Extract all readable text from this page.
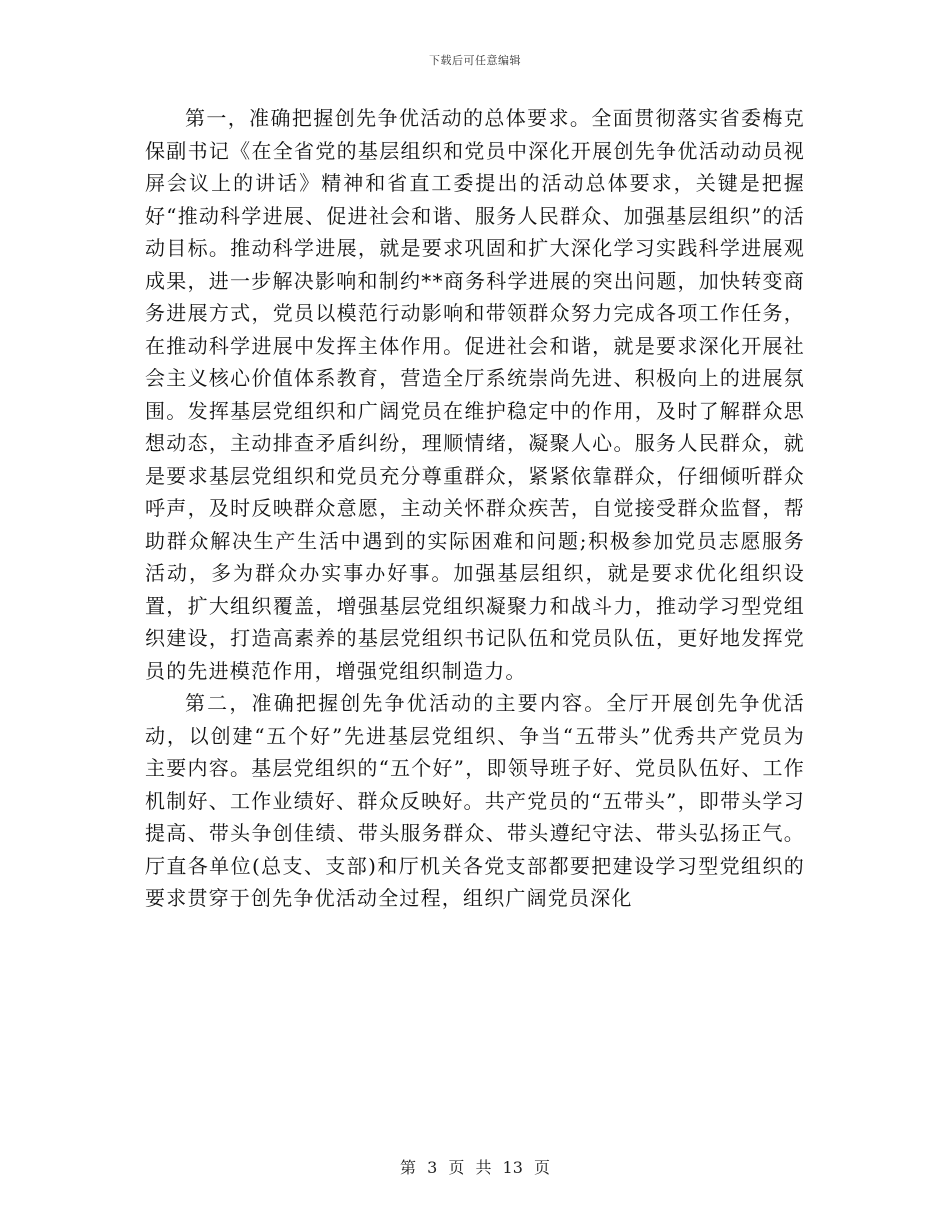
下载后可任意编辑

第一，准确把握创先争优活动的总体要求。全面贯彻落实省委梅克保副书记《在全省党的基层组织和党员中深化开展创先争优活动动员视屏会议上的讲话》精神和省直工委提出的活动总体要求，关键是把握好“推动科学进展、促进社会和谐、服务人民群众、加强基层组织”的活动目标。推动科学进展，就是要求巩固和扩大深化学习实践科学进展观成果，进一步解决影响和制约**商务科学进展的突出问题，加快转变商务进展方式，党员以模范行动影响和带领群众努力完成各项工作任务，在推动科学进展中发挥主体作用。促进社会和谐，就是要求深化开展社会主义核心价值体系教育，营造全厅系统崇尚先进、积极向上的进展氛围。发挥基层党组织和广阔党员在维护稳定中的作用，及时了解群众思想动态，主动排查矛盾纠纷，理顺情绪，凝聚人心。服务人民群众，就是要求基层党组织和党员充分尊重群众，紧紧依靠群众，仔细倾听群众呼声，及时反映群众意愿，主动关怀群众疾苦，自觉接受群众监督，帮助群众解决生产生活中遇到的实际困难和问题;积极参加党员志愿服务活动，多为群众办实事办好事。加强基层组织，就是要求优化组织设置，扩大组织覆盖，增强基层党组织凝聚力和战斗力，推动学习型党组织建设，打造高素养的基层党组织书记队伍和党员队伍，更好地发挥党员的先进模范作用，增强党组织制造力。

第二，准确把握创先争优活动的主要内容。全厅开展创先争优活动，以创建“五个好”先进基层党组织、争当“五带头”优秀共产党员为主要内容。基层党组织的“五个好”，即领导班子好、党员队伍好、工作机制好、工作业绩好、群众反映好。共产党员的“五带头”，即带头学习提高、带头争创佳绩、带头服务群众、带头遵纪守法、带头弘扬正气。厅直各单位(总支、支部)和厅机关各党支部都要把建设学习型党组织的要求贯穿于创先争优活动全过程，组织广阔党员深化

第 3 页 共 13 页
